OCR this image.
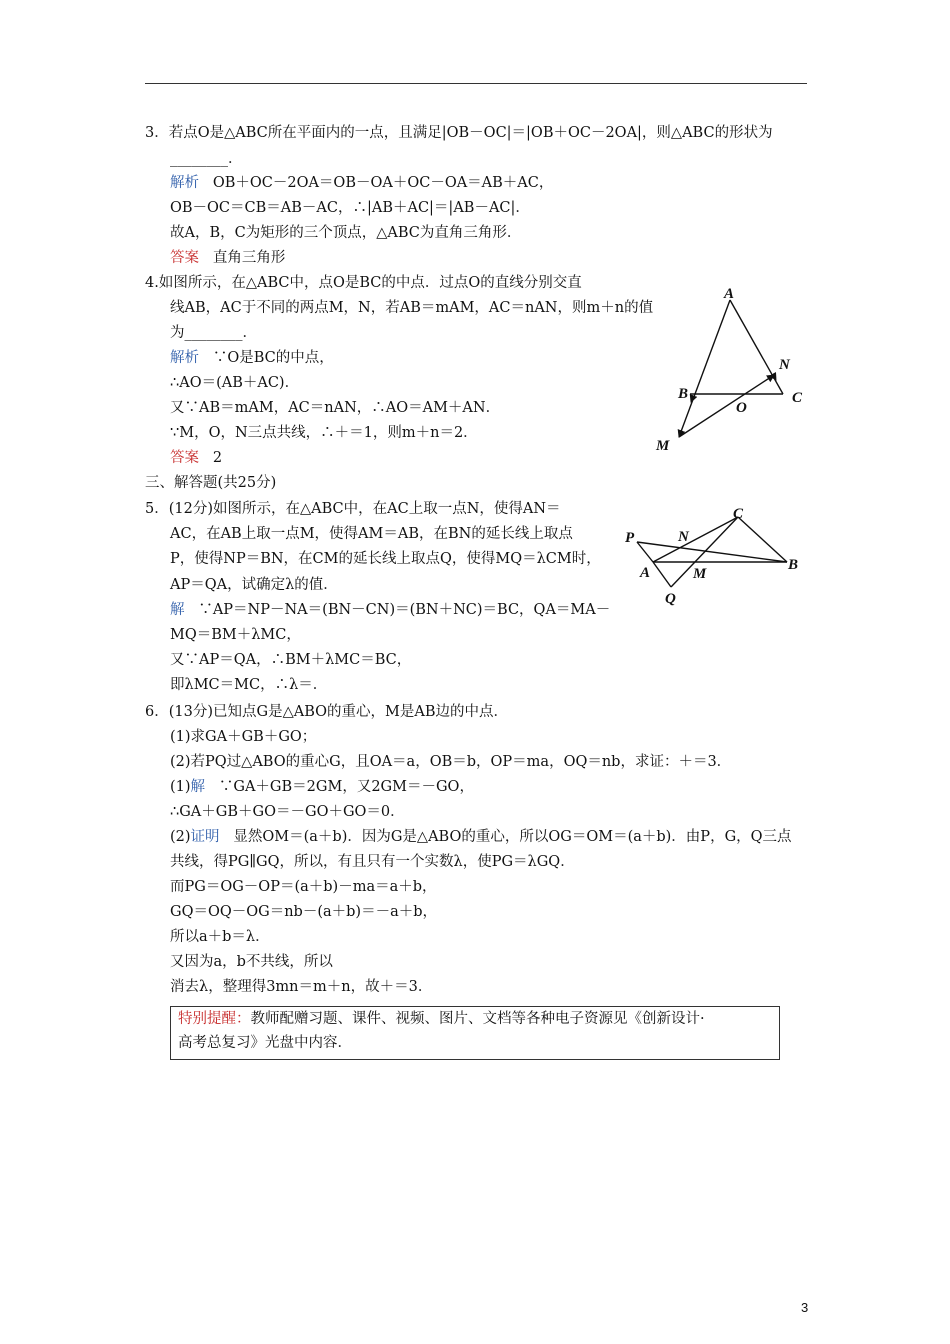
3．若点O是△ABC所在平面内的一点，且满足|OB－OC|＝|OB＋OC－2OA|，则△ABC的形状为
________．
解析 OB＋OC－2OA＝OB－OA＋OC－OA＝AB＋AC，
OB－OC＝CB＝AB－AC，∴|AB＋AC|＝|AB－AC|．
故A，B，C为矩形的三个顶点，△ABC为直角三角形．
答案 直角三角形
4.如图所示，在△ABC中，点O是BC的中点．过点O的直线分别交直
线AB，AC于不同的两点M，N，若AB＝mAM，AC＝nAN，则m＋n的值
为________．
解析 ∵O是BC的中点，
∴AO＝(AB＋AC)．
又∵AB＝mAM，AC＝nAN，∴AO＝AM＋AN．
∵M，O，N三点共线，∴＋＝1，则m＋n＝2．
答案 2
A
N
B
O
C
M
三、解答题(共25分)
5．(12分)如图所示，在△ABC中，在AC上取一点N，使得AN＝
AC，在AB上取一点M，使得AM＝AB，在BN的延长线上取点
P，使得NP＝BN，在CM的延长线上取点Q，使得MQ＝λCM时，
AP＝QA，试确定λ的值．
解 ∵AP＝NP－NA＝(BN－CN)＝(BN＋NC)＝BC，QA＝MA－
MQ＝BM＋λMC，
又∵AP＝QA，∴BM＋λMC＝BC，
即λMC＝MC，∴λ＝．
P	N
C
A	M
B
Q
6．(13分)已知点G是△ABO的重心，M是AB边的中点．
(1)求GA＋GB＋GO；
(2)若PQ过△ABO的重心G，且OA＝a，OB＝b，OP＝ma，OQ＝nb，求证：＋＝3．
(1)解 ∵GA＋GB＝2GM，又2GM＝－GO，
∴GA＋GB＋GO＝－GO＋GO＝0．
(2)证明 显然OM＝(a＋b)．因为G是△ABO的重心，所以OG＝OM＝(a＋b)．由P，G，Q三点
共线，得PG∥GQ，所以，有且只有一个实数λ，使PG＝λGQ．
而PG＝OG－OP＝(a＋b)－ma＝a＋b，
GQ＝OQ－OG＝nb－(a＋b)＝－a＋b，
所以a＋b＝λ．
又因为a，b不共线，所以
消去λ，整理得3mn＝m＋n，故＋＝3．
特别提醒：教师配赠习题、课件、视频、图片、文档等各种电子资源见《创新设计·
高考总复习》光盘中内容．
3
